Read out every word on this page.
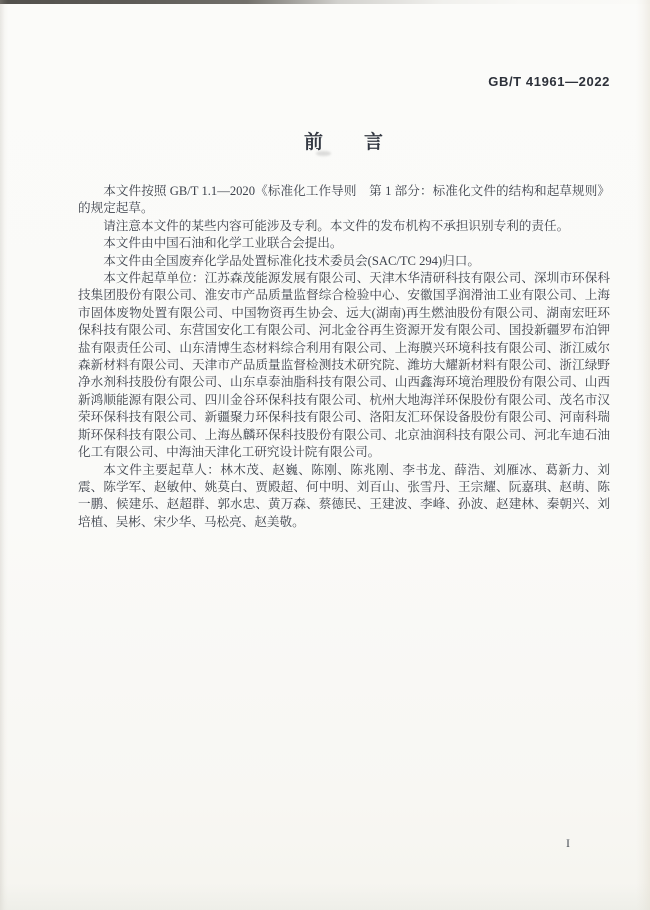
GB/T 41961—2022
前　　言

本文件按照 GB/T 1.1—2020《标准化工作导则　第 1 部分：标准化文件的结构和起草规则》的规定起草。

请注意本文件的某些内容可能涉及专利。本文件的发布机构不承担识别专利的责任。

本文件由中国石油和化学工业联合会提出。

本文件由全国废弃化学品处置标准化技术委员会(SAC/TC 294)归口。

本文件起草单位：江苏森茂能源发展有限公司、天津木华清研科技有限公司、深圳市环保科技集团股份有限公司、淮安市产品质量监督综合检验中心、安徽国孚润滑油工业有限公司、上海市固体废物处置有限公司、中国物资再生协会、远大(湖南)再生燃油股份有限公司、湖南宏旺环保科技有限公司、东营国安化工有限公司、河北金谷再生资源开发有限公司、国投新疆罗布泊钾盐有限责任公司、山东清博生态材料综合利用有限公司、上海膜兴环境科技有限公司、浙江威尔森新材料有限公司、天津市产品质量监督检测技术研究院、潍坊大耀新材料有限公司、浙江绿野净水剂科技股份有限公司、山东卓泰油脂科技有限公司、山西鑫海环境治理股份有限公司、山西新鸿顺能源有限公司、四川金谷环保科技有限公司、杭州大地海洋环保股份有限公司、茂名市汉荣环保科技有限公司、新疆聚力环保科技有限公司、洛阳友汇环保设备股份有限公司、河南科瑞斯环保科技有限公司、上海丛麟环保科技股份有限公司、北京油润科技有限公司、河北车迪石油化工有限公司、中海油天津化工研究设计院有限公司。

本文件主要起草人：林木茂、赵巍、陈刚、陈兆刚、李书龙、薛浩、刘雁冰、葛新力、刘震、陈学军、赵敏仲、姚莫白、贾殿超、何中明、刘百山、张雪丹、王宗耀、阮嘉琪、赵萌、陈一鹏、候建乐、赵超群、郭水忠、黄万森、蔡德民、王建波、李峰、孙波、赵建林、秦朝兴、刘培植、吴彬、宋少华、马松亮、赵美敬。

I
